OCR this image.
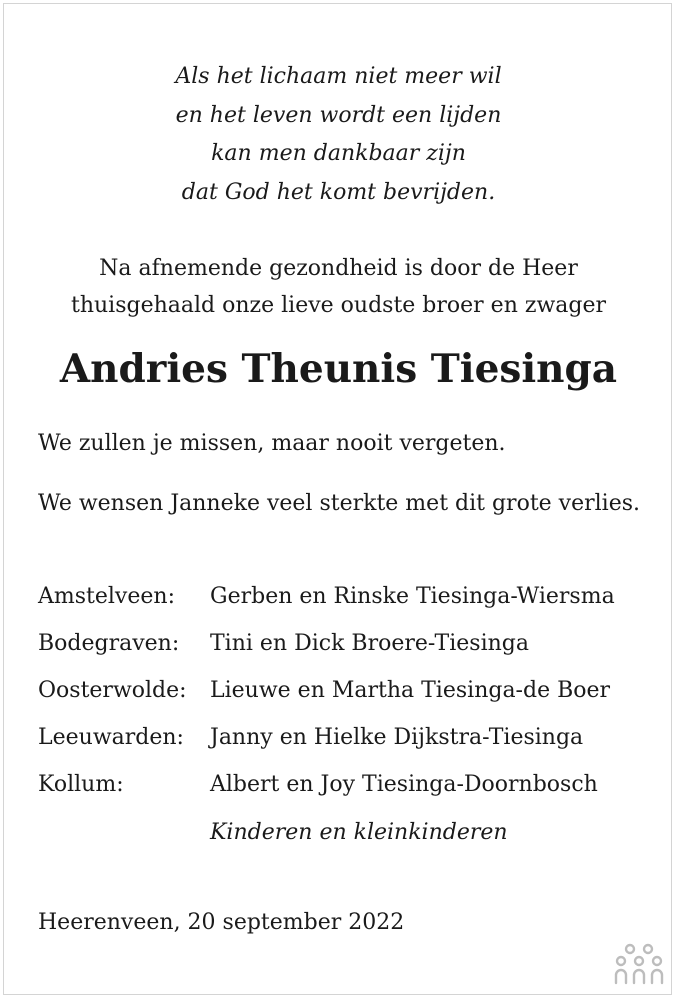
Als het lichaam niet meer wil
en het leven wordt een lijden
kan men dankbaar zijn
dat God het komt bevrijden.
Na afnemende gezondheid is door de Heer
thuisgehaald onze lieve oudste broer en zwager
Andries Theunis Tiesinga
We zullen je missen, maar nooit vergeten.
We wensen Janneke veel sterkte met dit grote verlies.
Amstelveen: Gerben en Rinske Tiesinga-Wiersma
Bodegraven: Tini en Dick Broere-Tiesinga
Oosterwolde: Lieuwe en Martha Tiesinga-de Boer
Leeuwarden: Janny en Hielke Dijkstra-Tiesinga
Kollum:	Albert en Joy Tiesinga-Doornbosch
Kinderen en kleinkinderen
Heerenveen, 20 september 2022
